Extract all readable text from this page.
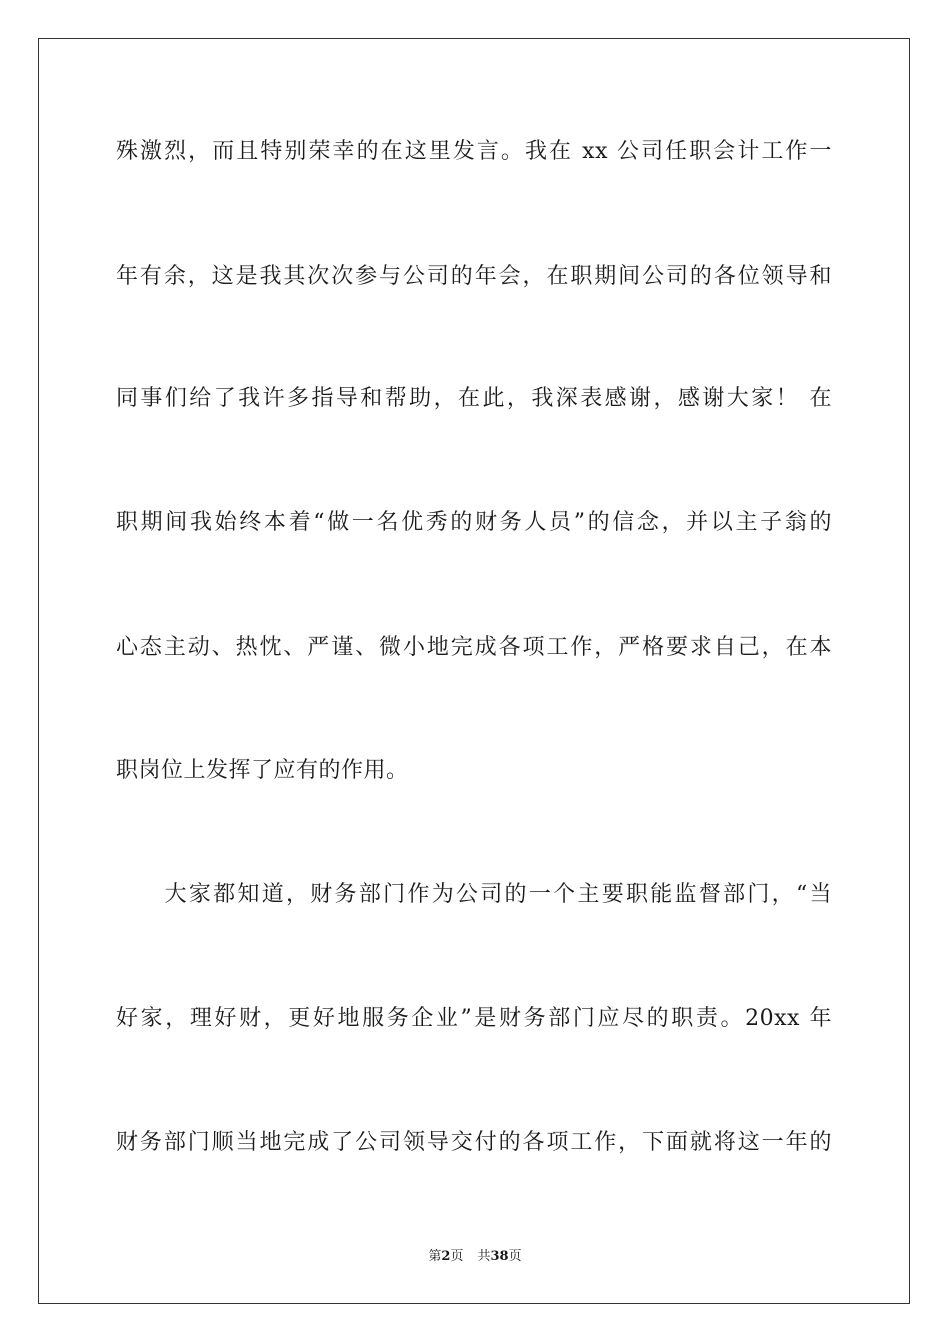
殊激烈，而且特别荣幸的在这里发言。我在 xx 公司任职会计工作一
年有余，这是我其次次参与公司的年会，在职期间公司的各位领导和
同事们给了我许多指导和帮助，在此，我深表感谢，感谢大家！ 在
职期间我始终本着“做一名优秀的财务人员”的信念，并以主子翁的
心态主动、热忱、严谨、微小地完成各项工作，严格要求自己，在本
职岗位上发挥了应有的作用。
　　大家都知道，财务部门作为公司的一个主要职能监督部门，“当
好家，理好财，更好地服务企业”是财务部门应尽的职责。20xx 年
财务部门顺当地完成了公司领导交付的各项工作，下面就将这一年的
第2页 共38页
